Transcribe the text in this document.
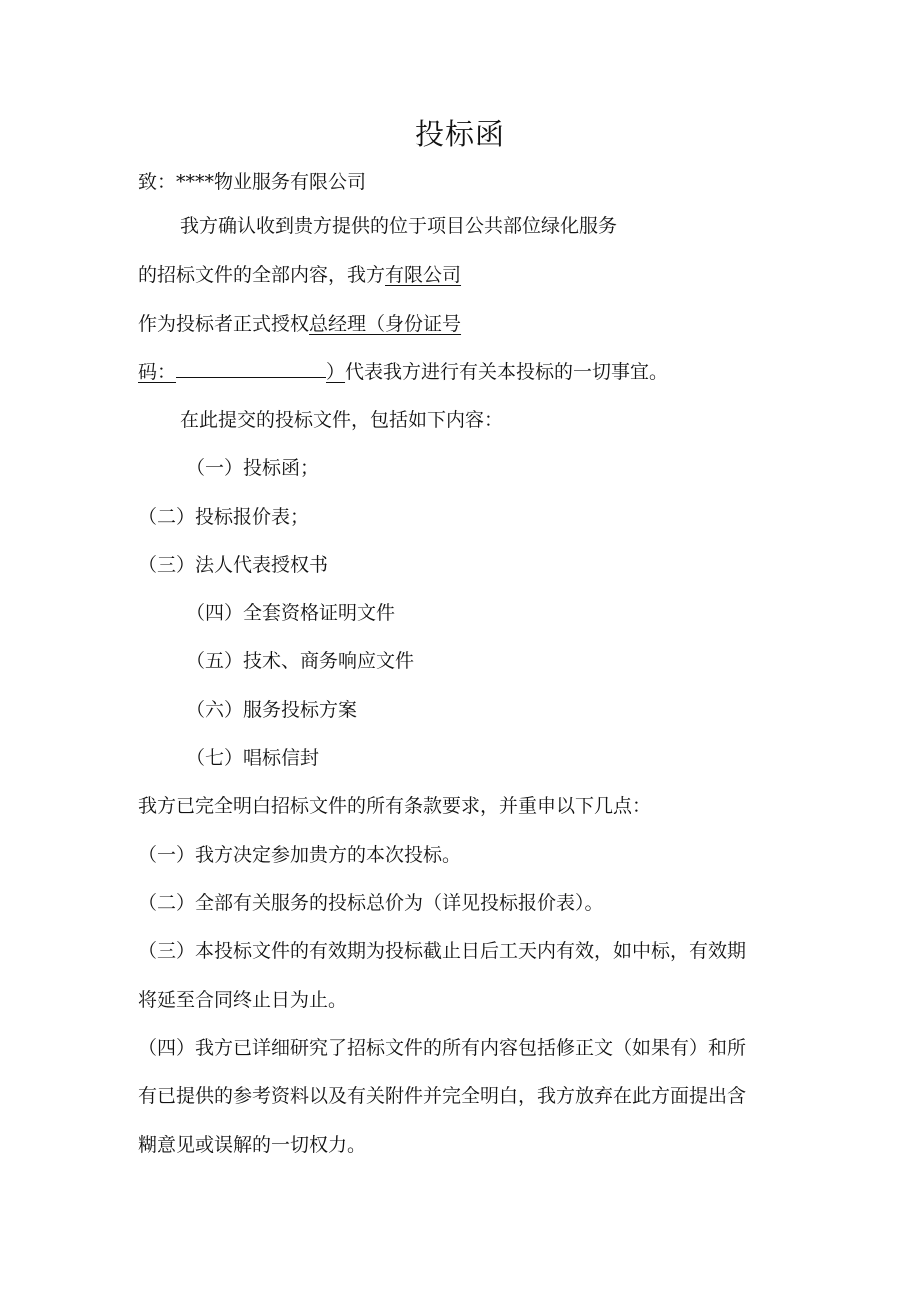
投标函
致：****物业服务有限公司
我方确认收到贵方提供的位于项目公共部位绿化服务
的招标文件的全部内容，我方有限公司
作为投标者正式授权总经理（身份证号
码：	）代表我方进行有关本投标的一切事宜。
在此提交的投标文件，包括如下内容：
（一）投标函；
（二）投标报价表；
（三）法人代表授权书
（四）全套资格证明文件
（五）技术、商务响应文件
（六）服务投标方案
（七）唱标信封
我方已完全明白招标文件的所有条款要求，并重申以下几点：
（一）我方决定参加贵方的本次投标。
（二）全部有关服务的投标总价为（详见投标报价表）。
（三）本投标文件的有效期为投标截止日后工天内有效，如中标，有效期
将延至合同终止日为止。
（四）我方已详细研究了招标文件的所有内容包括修正文（如果有）和所
有已提供的参考资料以及有关附件并完全明白，我方放弃在此方面提出含
糊意见或误解的一切权力。
